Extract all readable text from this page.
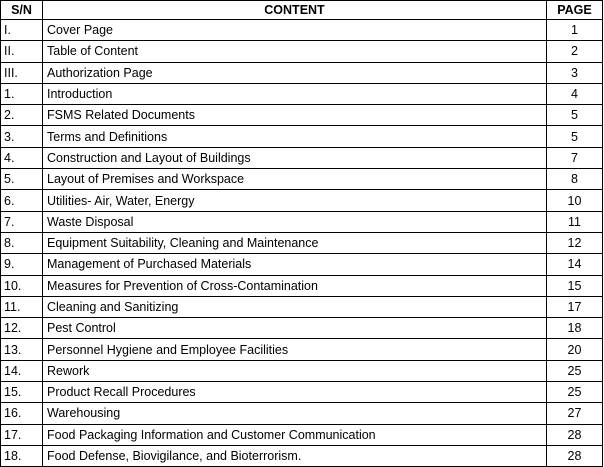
S/N	CONTENT	PAGE
I.	Cover Page	1
II.	Table of Content	2
III.	Authorization Page	3
1.	Introduction	4
2.	FSMS Related Documents	5
3.	Terms and Definitions	5
4.	Construction and Layout of Buildings	7
5.	Layout of Premises and Workspace	8
6.	Utilities- Air, Water, Energy	10
7.	Waste Disposal	11
8.	Equipment Suitability, Cleaning and Maintenance	12
9.	Management of Purchased Materials	14
10.	Measures for Prevention of Cross-Contamination	15
11.	Cleaning and Sanitizing	17
12.	Pest Control	18
13.	Personnel Hygiene and Employee Facilities	20
14.	Rework	25
15.	Product Recall Procedures	25
16.	Warehousing	27
17.	Food Packaging Information and Customer Communication	28
18.	Food Defense, Biovigilance, and Bioterrorism.	28
